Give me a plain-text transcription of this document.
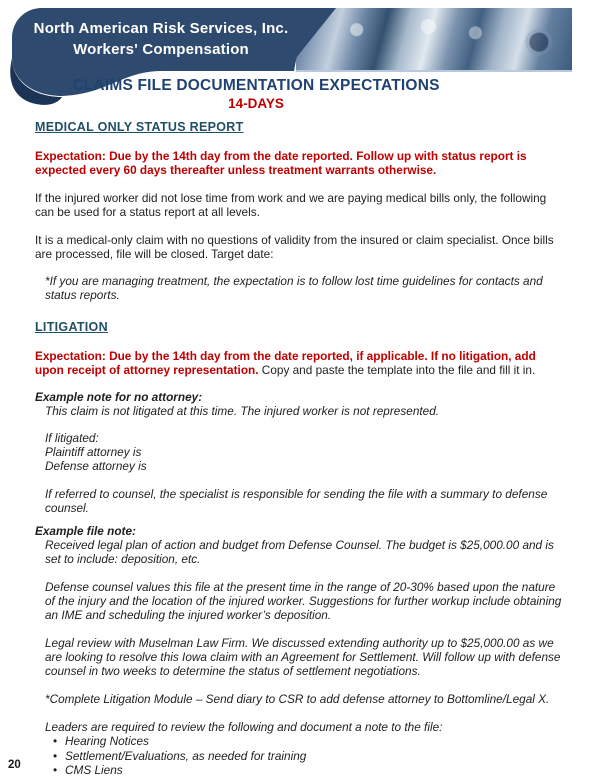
North American Risk Services, Inc.
Workers' Compensation
CLAIMS FILE DOCUMENTATION EXPECTATIONS
14-DAYS
MEDICAL ONLY STATUS REPORT

Expectation: Due by the 14th day from the date reported. Follow up with status report is expected every 60 days thereafter unless treatment warrants otherwise.

If the injured worker did not lose time from work and we are paying medical bills only, the following can be used for a status report at all levels.

It is a medical-only claim with no questions of validity from the insured or claim specialist. Once bills are processed, file will be closed. Target date:

*If you are managing treatment, the expectation is to follow lost time guidelines for contacts and status reports.

LITIGATION

Expectation: Due by the 14th day from the date reported, if applicable. If no litigation, add upon receipt of attorney representation. Copy and paste the template into the file and fill it in.

Example note for no attorney:
This claim is not litigated at this time. The injured worker is not represented.
If litigated:
Plaintiff attorney is
Defense attorney is

If referred to counsel, the specialist is responsible for sending the file with a summary to defense counsel.

Example file note:

Received legal plan of action and budget from Defense Counsel. The budget is $25,000.00 and is set to include: deposition, etc.

Defense counsel values this file at the present time in the range of 20-30% based upon the nature of the injury and the location of the injured worker. Suggestions for further workup include obtaining an IME and scheduling the injured worker’s deposition.

Legal review with Muselman Law Firm. We discussed extending authority up to $25,000.00 as we are looking to resolve this Iowa claim with an Agreement for Settlement. Will follow up with defense counsel in two weeks to determine the status of settlement negotiations.

*Complete Litigation Module – Send diary to CSR to add defense attorney to Bottomline/Legal X.

Leaders are required to review the following and document a note to the file:
• Hearing Notices
• Settlement/Evaluations, as needed for training
• CMS Liens
20
